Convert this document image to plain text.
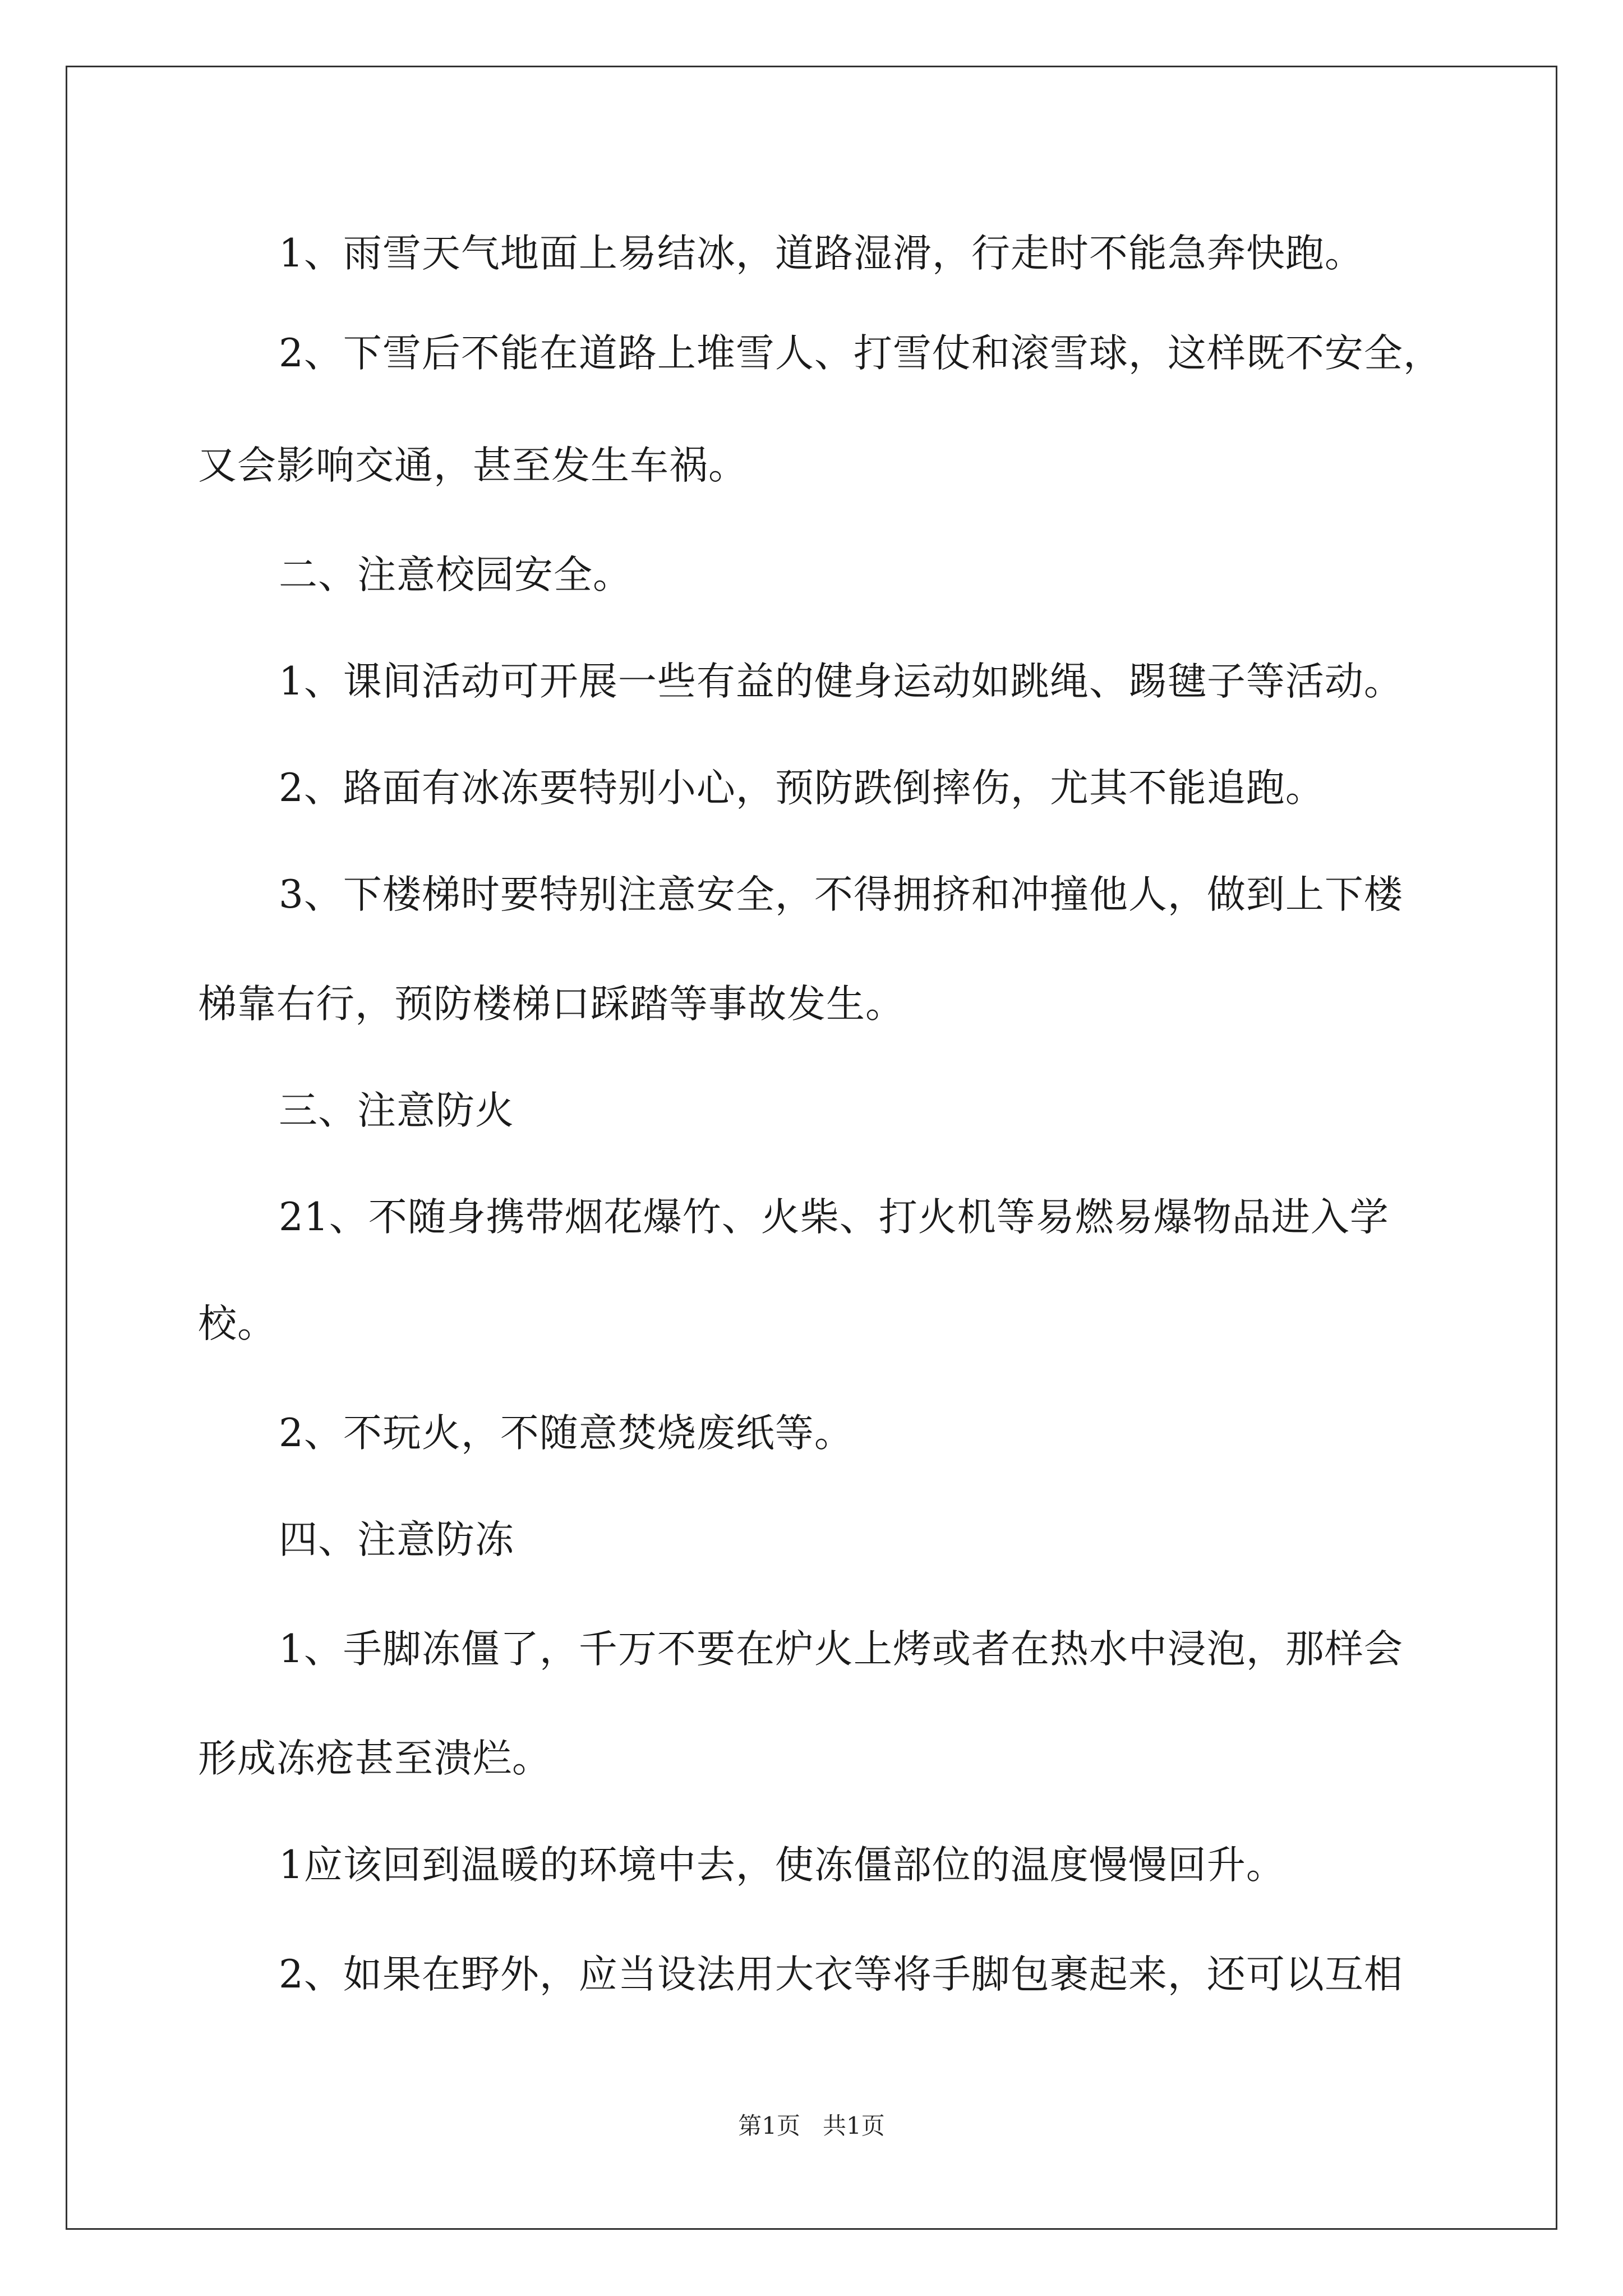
1、雨雪天气地面上易结冰，道路湿滑，行走时不能急奔快跑。
2、下雪后不能在道路上堆雪人、打雪仗和滚雪球，这样既不安全，
又会影响交通，甚至发生车祸。
二、注意校园安全。
1、课间活动可开展一些有益的健身运动如跳绳、踢毽子等活动。
2、路面有冰冻要特别小心，预防跌倒摔伤，尤其不能追跑。
3、下楼梯时要特别注意安全，不得拥挤和冲撞他人，做到上下楼
梯靠右行，预防楼梯口踩踏等事故发生。
三、注意防火
21、不随身携带烟花爆竹、火柴、打火机等易燃易爆物品进入学
校。
2、不玩火，不随意焚烧废纸等。
四、注意防冻
1、手脚冻僵了，千万不要在炉火上烤或者在热水中浸泡，那样会
形成冻疮甚至溃烂。
1应该回到温暖的环境中去，使冻僵部位的温度慢慢回升。
2、如果在野外，应当设法用大衣等将手脚包裹起来，还可以互相
第1页   共1页
